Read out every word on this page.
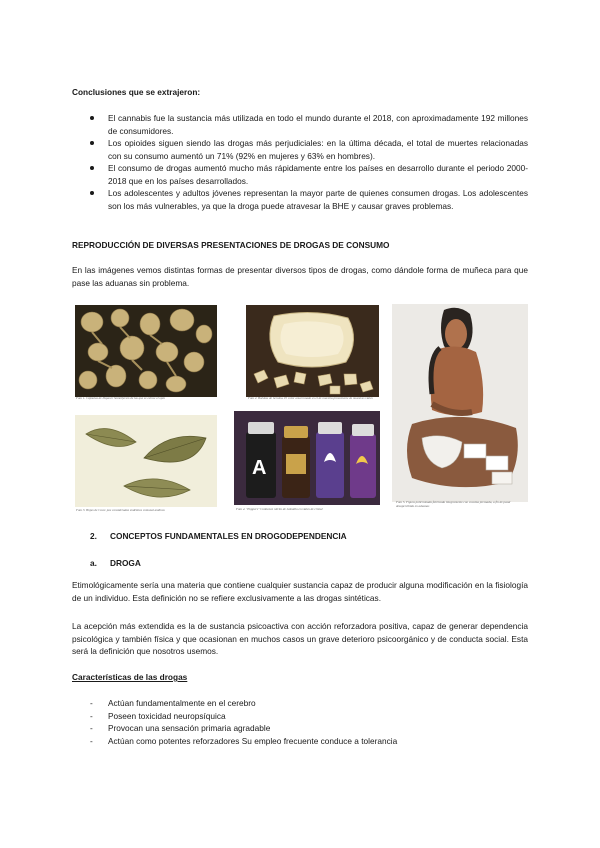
Conclusiones que se extrajeron:
El cannabis fue la sustancia más utilizada en todo el mundo durante el 2018, con aproximadamente 192 millones de consumidores.
Los opioides siguen siendo las drogas más perjudiciales: en la última década, el total de muertes relacionadas con su consumo aumentó un 71% (92% en mujeres y 63% en hombres).
El consumo de drogas aumentó mucho más rápidamente entre los países en desarrollo durante el periodo 2000-2018 que en los países desarrollados.
Los adolescentes y adultos jóvenes representan la mayor parte de quienes consumen drogas. Los adolescentes son los más vulnerables, ya que la droga puede atravesar la BHE y causar graves problemas.
REPRODUCCIÓN DE DIVERSAS PRESENTACIONES DE DROGAS DE CONSUMO
En las imágenes vemos distintas formas de presentar diversos tipos de drogas, como dándole forma de muñeca para que pase las aduanas sin problema.
Foto 1. Cápsulas de Papaver Somniferum de las que se extrae el opio	Foto 2. Bolsitas de heroína. El color amarronado es el de muestra proveniente de muestras viales
Foto 3. Hojas de Coca: pos consideradas endémica comunal andinos
A
Foto 4. "Poppers" Contienen nitrito de isobutilo en viales de cristal
Foto 5. Figura policromada fabricada íntegramente con cocaína prensada, a fin de pasar desapercibida en aduanas
2. CONCEPTOS FUNDAMENTALES EN DROGODEPENDENCIA
a. DROGA
Etimológicamente sería una materia que contiene cualquier sustancia capaz de producir alguna modificación en la fisiología de un individuo. Esta definición no se refiere exclusivamente a las drogas sintéticas.
La acepción más extendida es la de sustancia psicoactiva con acción reforzadora positiva, capaz de generar dependencia psicológica y también física y que ocasionan en muchos casos un grave deterioro psicoorgánico y de conducta social. Esta será la definición que nosotros usemos.
Características de las drogas
- Actúan fundamentalmente en el cerebro
- Poseen toxicidad neuropsíquica
- Provocan una sensación primaria agradable
- Actúan como potentes reforzadores Su empleo frecuente conduce a tolerancia
